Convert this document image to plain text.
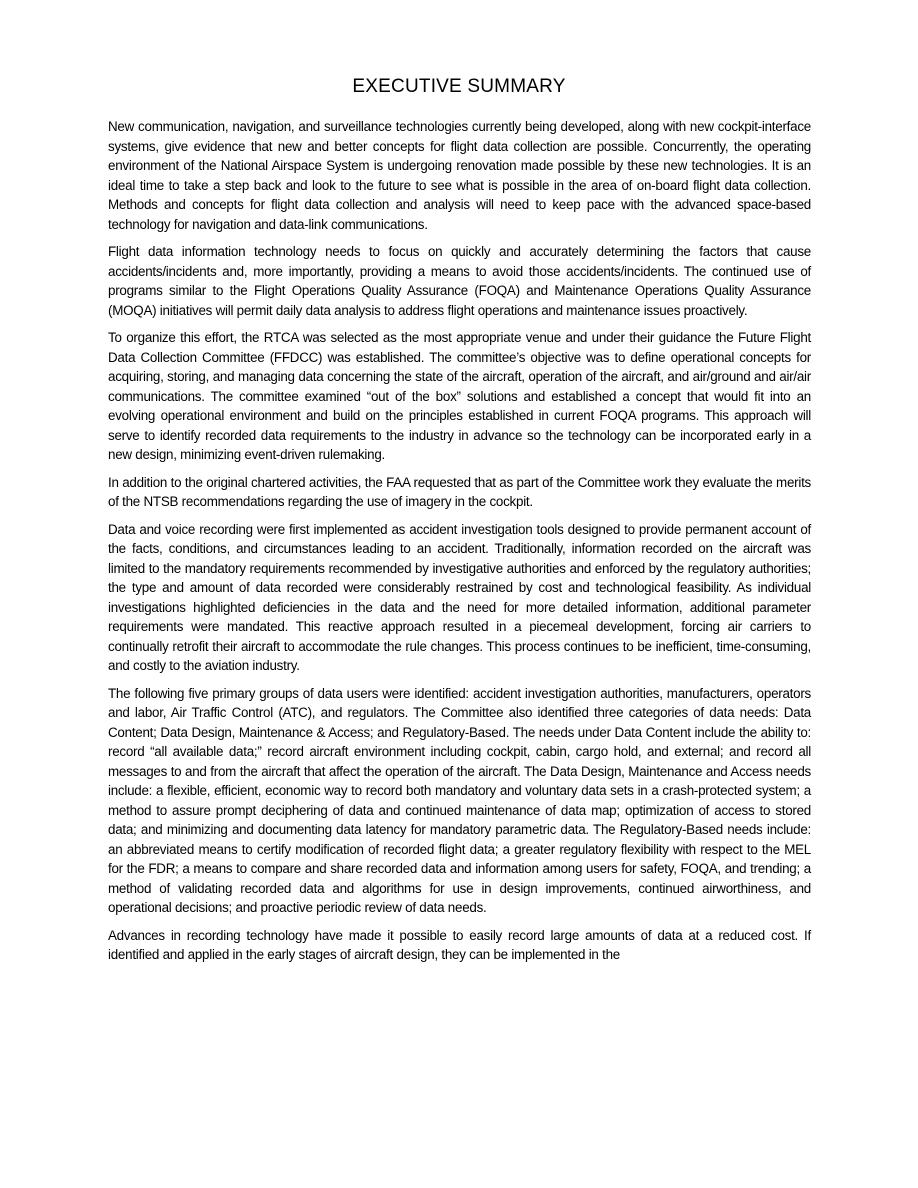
EXECUTIVE SUMMARY

New communication, navigation, and surveillance technologies currently being developed, along with new cockpit-interface systems, give evidence that new and better concepts for flight data collection are possible. Concurrently, the operating environment of the National Airspace System is undergoing renovation made possible by these new technologies. It is an ideal time to take a step back and look to the future to see what is possible in the area of on-board flight data collection. Methods and concepts for flight data collection and analysis will need to keep pace with the advanced space-based technology for navigation and data-link communications.

Flight data information technology needs to focus on quickly and accurately determining the factors that cause accidents/incidents and, more importantly, providing a means to avoid those accidents/incidents. The continued use of programs similar to the Flight Operations Quality Assurance (FOQA) and Maintenance Operations Quality Assurance (MOQA) initiatives will permit daily data analysis to address flight operations and maintenance issues proactively.

To organize this effort, the RTCA was selected as the most appropriate venue and under their guidance the Future Flight Data Collection Committee (FFDCC) was established. The committee’s objective was to define operational concepts for acquiring, storing, and managing data concerning the state of the aircraft, operation of the aircraft, and air/ground and air/air communications. The committee examined “out of the box” solutions and established a concept that would fit into an evolving operational environment and build on the principles established in current FOQA programs. This approach will serve to identify recorded data requirements to the industry in advance so the technology can be incorporated early in a new design, minimizing event-driven rulemaking.

In addition to the original chartered activities, the FAA requested that as part of the Committee work they evaluate the merits of the NTSB recommendations regarding the use of imagery in the cockpit.

Data and voice recording were first implemented as accident investigation tools designed to provide permanent account of the facts, conditions, and circumstances leading to an accident. Traditionally, information recorded on the aircraft was limited to the mandatory requirements recommended by investigative authorities and enforced by the regulatory authorities; the type and amount of data recorded were considerably restrained by cost and technological feasibility. As individual investigations highlighted deficiencies in the data and the need for more detailed information, additional parameter requirements were mandated. This reactive approach resulted in a piecemeal development, forcing air carriers to continually retrofit their aircraft to accommodate the rule changes. This process continues to be inefficient, time-consuming, and costly to the aviation industry.

The following five primary groups of data users were identified: accident investigation authorities, manufacturers, operators and labor, Air Traffic Control (ATC), and regulators. The Committee also identified three categories of data needs: Data Content; Data Design, Maintenance & Access; and Regulatory-Based. The needs under Data Content include the ability to: record “all available data;” record aircraft environment including cockpit, cabin, cargo hold, and external; and record all messages to and from the aircraft that affect the operation of the aircraft. The Data Design, Maintenance and Access needs include: a flexible, efficient, economic way to record both mandatory and voluntary data sets in a crash-protected system; a method to assure prompt deciphering of data and continued maintenance of data map; optimization of access to stored data; and minimizing and documenting data latency for mandatory parametric data. The Regulatory-Based needs include: an abbreviated means to certify modification of recorded flight data; a greater regulatory flexibility with respect to the MEL for the FDR; a means to compare and share recorded data and information among users for safety, FOQA, and trending; a method of validating recorded data and algorithms for use in design improvements, continued airworthiness, and operational decisions; and proactive periodic review of data needs.

Advances in recording technology have made it possible to easily record large amounts of data at a reduced cost. If identified and applied in the early stages of aircraft design, they can be implemented in the
